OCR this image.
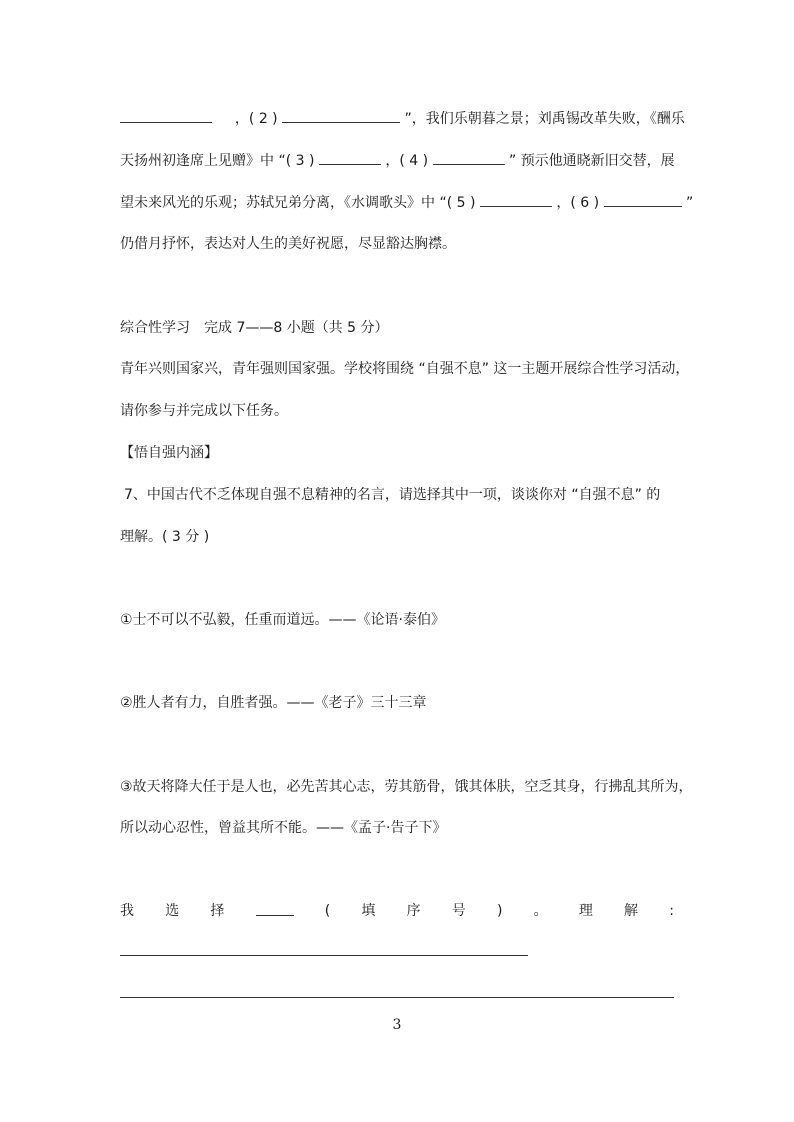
，( 2 )	”，我们乐朝暮之景；刘禹锡改革失败，《酬乐
天扬州初逢席上见赠》中 “( 3 )	，( 4 )	” 预示他通晓新旧交替，展
望未来风光的乐观；苏轼兄弟分离，《水调歌头》中 “( 5 )	，( 6 )	”
仍借月抒怀，表达对人生的美好祝愿，尽显豁达胸襟。
综合性学习　完成 7——8 小题（共 5 分）
青年兴则国家兴，青年强则国家强。学校将围绕 “自强不息” 这一主题开展综合性学习活动，
请你参与并完成以下任务。
【悟自强内涵】
7、中国古代不乏体现自强不息精神的名言，请选择其中一项，谈谈你对 “自强不息” 的
理解。( 3 分 )
①士不可以不弘毅，任重而道远。——《论语·泰伯》
②胜人者有力，自胜者强。——《老子》三十三章
③故天将降大任于是人也，必先苦其心志，劳其筋骨，饿其体肤，空乏其身，行拂乱其所为，
所以动心忍性，曾益其所不能。——《孟子·告子下》
我 选 择	( 填 序 号 ) 。 理 解 :
3
